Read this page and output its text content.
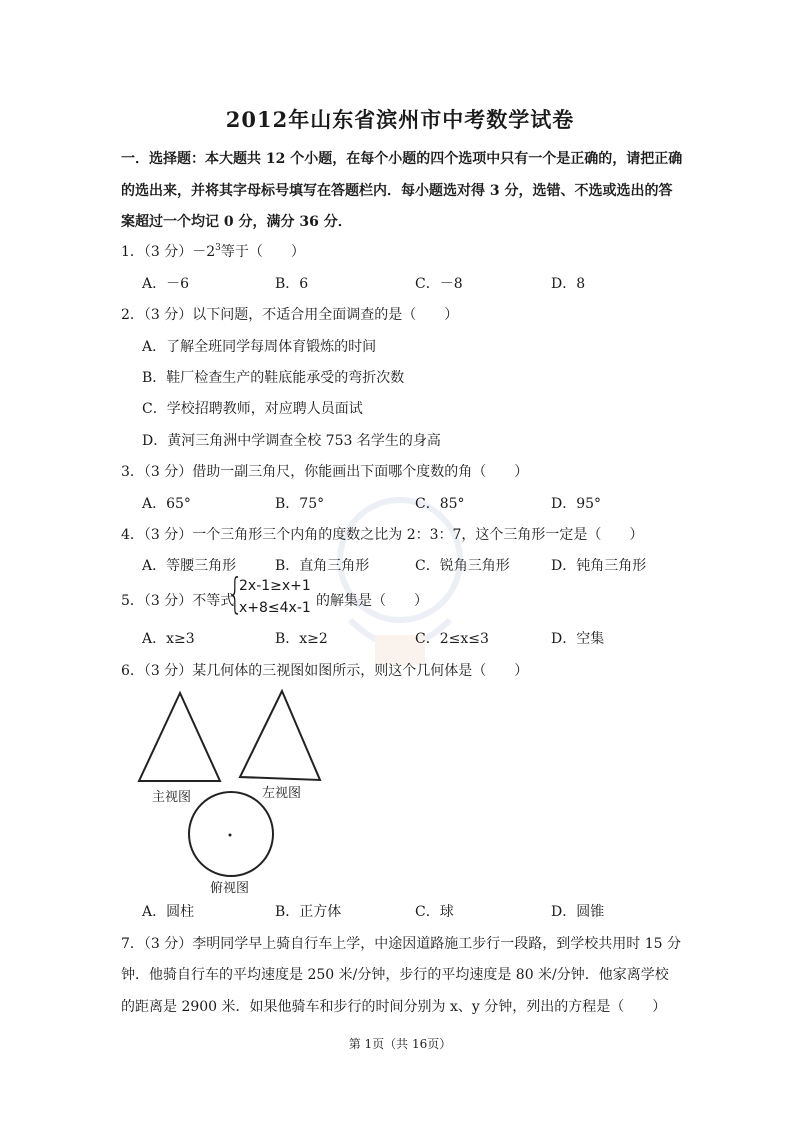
2012年山东省滨州市中考数学试卷
一．选择题：本大题共 12 个小题，在每个小题的四个选项中只有一个是正确的，请把正确
的选出来，并将其字母标号填写在答题栏内．每小题选对得 3 分，选错、不选或选出的答
案超过一个均记 0 分，满分 36 分．
1．（3 分）$-2^3$等于（　　）
A．－6	B．6	C．－8	D．8
2．（3 分）以下问题，不适合用全面调查的是（　　）
A．了解全班同学每周体育锻炼的时间
B．鞋厂检查生产的鞋底能承受的弯折次数
C．学校招聘教师，对应聘人员面试
D．黄河三角洲中学调查全校 753 名学生的身高
3．（3 分）借助一副三角尺，你能画出下面哪个度数的角（　　）
A．65°	B．75°	C．85°	D．95°
4．（3 分）一个三角形三个内角的度数之比为 2：3：7，这个三角形一定是（　　）
A．等腰三角形	B．直角三角形	C．锐角三角形	D．钝角三角形
5．（3 分）不等式
{
2x-1≥x+1
x+8≤4x-1 的解集是（　　）
A．x≥3	B．x≥2	C．2≤x≤3	D．空集
6．（3 分）某几何体的三视图如图所示，则这个几何体是（　　）
主视图	左视图
俯视图
A．圆柱	B．正方体	C．球	D．圆锥
7．（3 分）李明同学早上骑自行车上学，中途因道路施工步行一段路，到学校共用时 15 分
钟．他骑自行车的平均速度是 250 米/分钟，步行的平均速度是 80 米/分钟．他家离学校
的距离是 2900 米．如果他骑车和步行的时间分别为 x、y 分钟，列出的方程是（　　）
第 1页（共 16页）
